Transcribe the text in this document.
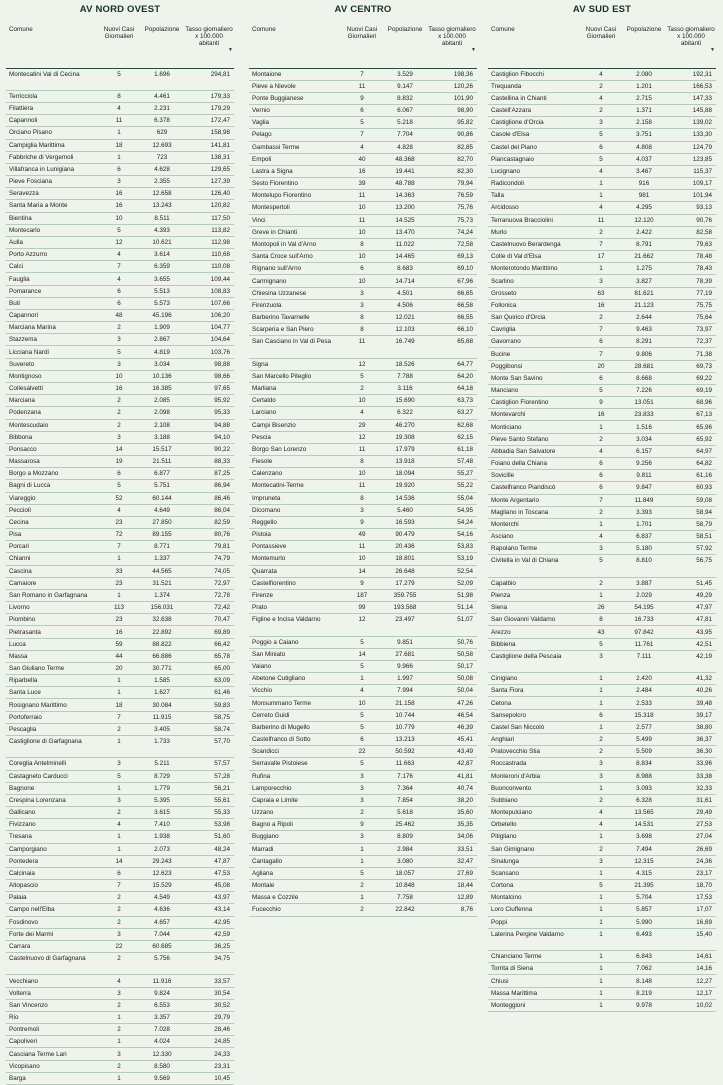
AV NORD OVEST
Comune	Nuovi Casi Giornalieri	Popolazione	Tasso giornaliero x 100.000 abitanti
▼

Montecatini Val di Cecina	5	1.696	294,81
Terricciola	8	4.461	179,33
Filattiera	4	2.231	179,29
Capannoli	11	6.378	172,47
Orciano Pisano	1	629	158,98
Campiglia Marittima	18	12.693	141,81
Fabbriche di Vergemoli	1	723	138,31
Villafranca in Lunigiana	6	4.628	129,65
Pieve Fosciana	3	2.355	127,39
Seravezza	16	12.658	126,40
Santa Maria a Monte	16	13.243	120,82
Bientina	10	8.511	117,50
Montecarlo	5	4.393	113,82
Aulla	12	10.621	112,98
Porto Azzurro	4	3.614	110,68
Calci	7	6.359	110,08
Fauglia	4	3.655	109,44
Pomarance	6	5.513	108,83
Buti	6	5.573	107,66
Capannori	48	45.196	106,20
Marciana Marina	2	1.909	104,77
Stazzema	3	2.867	104,64
Licciana Nardi	5	4.819	103,76
Suvereto	3	3.034	98,88
Montignoso	10	10.136	98,66
Collesalvetti	16	16.385	97,65
Marciana	2	2.085	95,92
Podenzana	2	2.098	95,33
Montescudaio	2	2.108	94,88
Bibbona	3	3.188	94,10
Ponsacco	14	15.517	90,22
Massarosa	19	21.511	88,33
Borgo a Mozzano	6	6.877	87,25
Bagni di Lucca	5	5.751	86,94
Viareggio	52	60.144	86,46
Pecciolì	4	4.649	86,04
Cecina	23	27.850	82,59
Pisa	72	89.155	80,76
Porcari	7	8.771	79,81
Chianni	1	1.337	74,79
Cascina	33	44.565	74,05
Camaiore	23	31.521	72,97
San Romano in Garfagnana	1	1.374	72,78
Livorno	113	156.031	72,42
Piombino	23	32.638	70,47
Pietrasanta	16	22.892	69,89
Lucca	59	88.822	66,42
Massa	44	66.886	65,78
San Giuliano Terme	20	30.771	65,00
Riparbella	1	1.585	63,09
Santa Luce	1	1.627	61,46
Rosignano Marittimo	18	30.084	59,83
Portoferraio	7	11.915	58,75
Pescaglia	2	3.405	58,74
Castiglione di Garfagnana	1	1.733	57,70
Coreglia Antelminelli	3	5.211	57,57
Castagneto Carducci	5	8.729	57,28
Bagnone	1	1.779	56,21
Crespina Lorenzana	3	5.395	55,61
Gallicano	2	3.615	55,33
Fivizzano	4	7.410	53,98
Tresana	1	1.938	51,60
Camporgiano	1	2.073	48,24
Pontedera	14	29.243	47,87
Calcinaia	6	12.623	47,53
Altopascio	7	15.529	45,08
Palaia	2	4.549	43,97
Campo nell'Elba	2	4.636	43,14
Fosdinovo	2	4.657	42,95
Forte dei Marmi	3	7.044	42,59
Carrara	22	60.685	36,25
Castelnuovo di Garfagnana	2	5.756	34,75
Vecchiano	4	11.916	33,57
Volterra	3	9.824	30,54
San Vincenzo	2	6.553	30,52
Rio	1	3.357	29,79
Pontremoli	2	7.028	28,46
Capoliveri	1	4.024	24,85
Casciana Terme Lari	3	12.330	24,33
Vicopisano	2	8.580	23,31
Barga	1	9.569	10,45
AV CENTRO
Comune	Nuovi Casi Giornalieri	Popolazione	Tasso giornaliero x 100.000 abitanti
▼

Montaione	7	3.529	198,36
Pieve a Nievole	11	9.147	120,26
Ponte Buggianese	9	8.832	101,90
Vernio	6	6.067	98,90
Vaglia	5	5.218	95,82
Pelago	7	7.704	90,86
Gambassi Terme	4	4.828	82,85
Empoli	40	48.368	82,70
Lastra a Signa	16	19.441	82,30
Sesto Fiorentino	39	48.788	79,94
Montelupo Fiorentino	11	14.363	76,59
Montespertoli	10	13.200	75,76
Vinci	11	14.525	75,73
Greve in Chianti	10	13.470	74,24
Montopoli in Val d'Arno	8	11.022	72,58
Santa Croce sull'Arno	10	14.465	69,13
Rignano sull'Arno	6	8.683	69,10
Carmignano	10	14.714	67,96
Chiesina Uzzanese	3	4.501	66,65
Firenzuola	3	4.506	66,58
Barberino Tavarnelle	8	12.021	66,55
Scarperia e San Piero	8	12.103	66,10
San Casciano in Val di Pesa	11	16.749	65,68
Signa	12	18.526	64,77
San Marcello Piteglio	5	7.788	64,20
Marliana	2	3.116	64,18
Certaldo	10	15.690	63,73
Larciano	4	6.322	63,27
Campi Bisenzio	29	46.270	62,68
Pescia	12	19.308	62,15
Borgo San Lorenzo	11	17.979	61,18
Fiesole	8	13.918	57,48
Calenzano	10	18.094	55,27
Montecatini-Terme	11	19.920	55,22
Impruneta	8	14.536	55,04
Dicomano	3	5.460	54,95
Reggello	9	16.593	54,24
Pistoia	49	90.479	54,16
Pontassieve	11	20.436	53,83
Montemurlo	10	18.801	53,19
Quarrata	14	26.648	52,54
Castelfiorentino	9	17.279	52,09
Firenze	187	359.755	51,98
Prato	99	193.568	51,14
Figline e Incisa Valdarno	12	23.497	51,07
Poggio a Caiano	5	9.851	50,76
San Miniato	14	27.681	50,58
Vaiano	5	9.966	50,17
Abetone Cutigliano	1	1.997	50,08
Vicchio	4	7.994	50,04
Monsummano Terme	10	21.158	47,26
Cerreto Guidi	5	10.744	46,54
Barberino di Mugello	5	10.779	46,39
Castelfranco di Sotto	6	13.213	45,41
Scandicci	22	50.592	43,49
Serravalle Pistoiese	5	11.663	42,87
Rufina	3	7.176	41,81
Lamporecchio	3	7.364	40,74
Capraia e Limite	3	7.854	38,20
Uzzano	2	5.618	35,60
Bagno a Ripoli	9	25.462	35,35
Buggiano	3	8.809	34,06
Marradi	1	2.984	33,51
Cantagallo	1	3.080	32,47
Agliana	5	18.057	27,69
Montale	2	10.848	18,44
Massa e Cozzile	1	7.758	12,89
Fucecchio	2	22.842	8,76
AV SUD EST
Comune	Nuovi Casi Giornalieri	Popolazione	Tasso giornaliero x 100.000 abitanti
▼

Castiglion Fibocchi	4	2.080	192,31
Trequanda	2	1.201	166,53
Castellina in Chianti	4	2.715	147,33
Castell'Azzara	2	1.371	145,88
Castiglione d'Orcia	3	2.158	139,02
Casole d'Elsa	5	3.751	133,30
Castel del Piano	6	4.808	124,79
Piancastagnaio	5	4.037	123,85
Lucignano	4	3.467	115,37
Radicondoli	1	916	109,17
Talla	1	981	101,94
Arcidosso	4	4.295	93,13
Terranuova Bracciolini	11	12.120	90,76
Murlo	2	2.422	82,58
Castelnuovo Berardenga	7	8.791	79,63
Colle di Val d'Elsa	17	21.662	78,48
Monterotondo Marittimo	1	1.275	78,43
Scarlino	3	3.827	78,39
Grosseto	63	81.621	77,19
Follonica	16	21.123	75,75
San Quirico d'Orcia	2	2.644	75,64
Cavriglia	7	9.463	73,97
Gavorrano	6	8.291	72,37
Bucine	7	9.806	71,38
Poggibonsi	20	28.681	69,73
Monte San Savino	6	8.668	69,22
Manciano	5	7.226	69,19
Castiglion Fiorentino	9	13.051	68,96
Montevarchi	16	23.833	67,13
Monticiano	1	1.516	65,96
Pieve Santo Stefano	2	3.034	65,92
Abbadia San Salvatore	4	6.157	64,97
Foiano della Chiana	6	9.256	64,82
Sovicille	6	9.811	61,16
Castelfranco Piandiscò	6	9.847	60,93
Monte Argentario	7	11.849	59,08
Magliano in Toscana	2	3.393	58,94
Monterchi	1	1.701	58,79
Asciano	4	6.837	58,51
Rapolano Terme	3	5.180	57,92
Civitella in Val di Chiana	5	8.810	56,75
Capalbio	2	3.887	51,45
Pienza	1	2.029	49,29
Siena	26	54.195	47,97
San Giovanni Valdarno	8	16.733	47,81
Arezzo	43	97.842	43,95
Bibbiena	5	11.761	42,51
Castiglione della Pescaia	3	7.111	42,19
Cinigiano	1	2.420	41,32
Santa Fiora	1	2.484	40,26
Cetona	1	2.533	39,48
Sansepolcro	6	15.318	39,17
Castel San Niccolò	1	2.577	38,80
Anghiari	2	5.499	36,37
Pratovecchio Stia	2	5.509	36,30
Roccastrada	3	8.834	33,96
Monteroni d'Arbia	3	8.988	33,38
Buonconvento	1	3.093	32,33
Subbiano	2	6.328	31,61
Montepulciano	4	13.565	29,49
Orbetello	4	14.531	27,53
Pitigliano	1	3.698	27,04
San Gimignano	2	7.494	26,69
Sinalunga	3	12.315	24,36
Scansano	1	4.315	23,17
Cortona	5	21.395	18,70
Montalcino	1	5.704	17,53
Loro Ciuffenna	1	5.857	17,07
Poppi	1	5.990	16,69
Laterina Pergine Valdarno	1	6.493	15,40
Chianciano Terme	1	6.843	14,61
Torrita di Siena	1	7.062	14,16
Chiusi	1	8.148	12,27
Massa Marittima	1	8.219	12,17
Monteggioni	1	9.978	10,02
